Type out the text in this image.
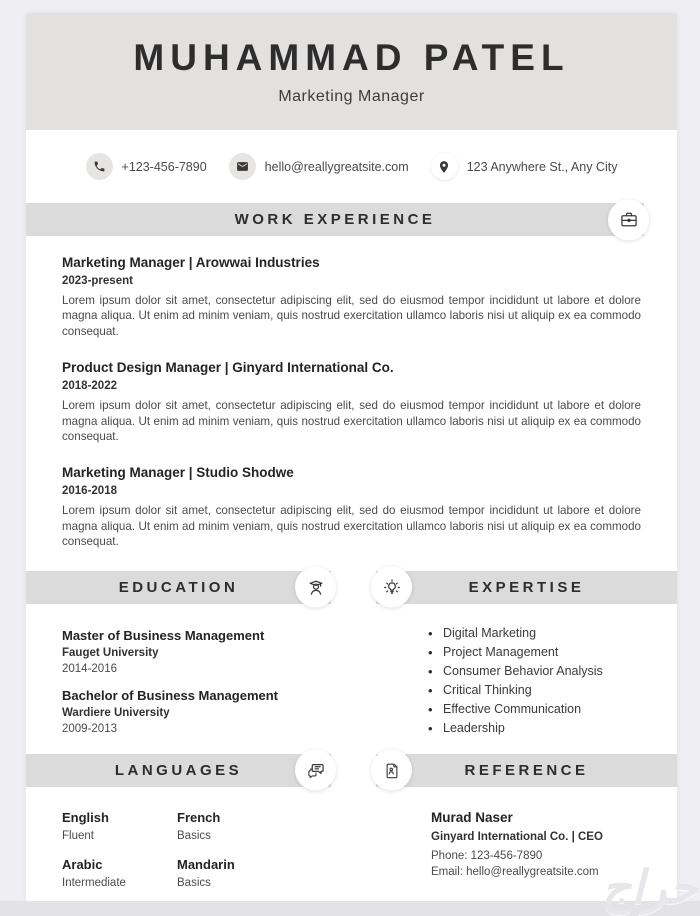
MUHAMMAD PATEL
Marketing Manager
+123-456-7890	hello@reallygreatsite.com	123 Anywhere St., Any City
WORK EXPERIENCE
Marketing Manager | Arowwai Industries
2023-present
Lorem ipsum dolor sit amet, consectetur adipiscing elit, sed do eiusmod tempor incididunt ut labore et dolore magna aliqua. Ut enim ad minim veniam, quis nostrud exercitation ullamco laboris nisi ut aliquip ex ea commodo consequat.
Product Design Manager | Ginyard International Co.
2018-2022
Lorem ipsum dolor sit amet, consectetur adipiscing elit, sed do eiusmod tempor incididunt ut labore et dolore magna aliqua. Ut enim ad minim veniam, quis nostrud exercitation ullamco laboris nisi ut aliquip ex ea commodo consequat.
Marketing Manager | Studio Shodwe
2016-2018
Lorem ipsum dolor sit amet, consectetur adipiscing elit, sed do eiusmod tempor incididunt ut labore et dolore magna aliqua. Ut enim ad minim veniam, quis nostrud exercitation ullamco laboris nisi ut aliquip ex ea commodo consequat.
EDUCATION
Master of Business Management
Fauget University
2014-2016
Bachelor of Business Management
Wardiere University
2009-2013
EXPERTISE
• Digital Marketing
• Project Management
• Consumer Behavior Analysis
• Critical Thinking
• Effective Communication
• Leadership
LANGUAGES
English
Fluent
French
Basics
Arabic
Intermediate
Mandarin
Basics
REFERENCE
Murad Naser
Ginyard International Co. | CEO
Phone: 123-456-7890
Email: hello@reallygreatsite.com حراج
